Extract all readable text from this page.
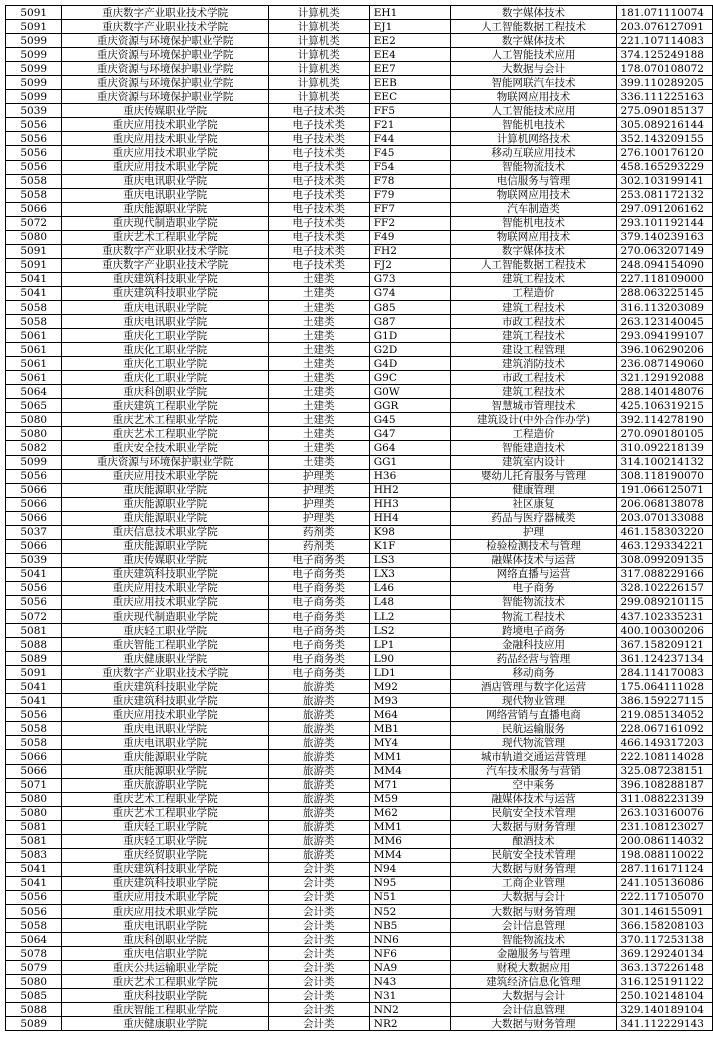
5091	重庆数字产业职业技术学院	计算机类	EH1	数字媒体技术	181.071110074
5091	重庆数字产业职业技术学院	计算机类	EJ1	人工智能数据工程技术	203.076127091
5099	重庆资源与环境保护职业学院	计算机类	EE2	数字媒体技术	221.107114083
5099	重庆资源与环境保护职业学院	计算机类	EE4	人工智能技术应用	374.125249188
5099	重庆资源与环境保护职业学院	计算机类	EE7	大数据与会计	178.070108072
5099	重庆资源与环境保护职业学院	计算机类	EEB	智能网联汽车技术	399.110289205
5099	重庆资源与环境保护职业学院	计算机类	EEC	物联网应用技术	336.111225163
5039	重庆传媒职业学院	电子技术类	FF5	人工智能技术应用	275.090185137
5056	重庆应用技术职业学院	电子技术类	F21	智能机电技术	305.089216144
5056	重庆应用技术职业学院	电子技术类	F44	计算机网络技术	352.143209155
5056	重庆应用技术职业学院	电子技术类	F45	移动互联应用技术	276.100176120
5056	重庆应用技术职业学院	电子技术类	F54	智能物流技术	458.165293229
5058	重庆电讯职业学院	电子技术类	F78	电信服务与管理	302.103199141
5058	重庆电讯职业学院	电子技术类	F79	物联网应用技术	253.081172132
5066	重庆能源职业学院	电子技术类	FF7	汽车制造类	297.091206162
5072	重庆现代制造职业学院	电子技术类	FF2	智能机电技术	293.101192144
5080	重庆艺术工程职业学院	电子技术类	F49	物联网应用技术	379.140239163
5091	重庆数字产业职业技术学院	电子技术类	FH2	数字媒体技术	270.063207149
5091	重庆数字产业职业技术学院	电子技术类	FJ2	人工智能数据工程技术	248.094154090
5041	重庆建筑科技职业学院	土建类	G73	建筑工程技术	227.118109000
5041	重庆建筑科技职业学院	土建类	G74	工程造价	288.063225145
5058	重庆电讯职业学院	土建类	G85	建筑工程技术	316.113203089
5058	重庆电讯职业学院	土建类	G87	市政工程技术	263.123140045
5061	重庆化工职业学院	土建类	G1D	建筑工程技术	293.094199107
5061	重庆化工职业学院	土建类	G2D	建设工程管理	396.106290206
5061	重庆化工职业学院	土建类	G4D	建筑消防技术	236.087149060
5061	重庆化工职业学院	土建类	G9C	市政工程技术	321.129192088
5064	重庆科创职业学院	土建类	G0W	建筑工程技术	288.140148076
5065	重庆建筑工程职业学院	土建类	GGR	智慧城市管理技术	425.106319215
5080	重庆艺术工程职业学院	土建类	G45	建筑设计(中外合作办学)	392.114278190
5080	重庆艺术工程职业学院	土建类	G47	工程造价	270.090180105
5082	重庆安全技术职业学院	土建类	G64	智能建造技术	310.092218139
5099	重庆资源与环境保护职业学院	土建类	GG1	建筑室内设计	314.100214132
5056	重庆应用技术职业学院	护理类	H36	婴幼儿托育服务与管理	308.118190070
5066	重庆能源职业学院	护理类	HH2	健康管理	191.066125071
5066	重庆能源职业学院	护理类	HH3	社区康复	206.068138078
5066	重庆能源职业学院	护理类	HH4	药品与医疗器械类	203.070133088
5037	重庆信息技术职业学院	药剂类	K98	护理	461.158303220
5066	重庆能源职业学院	药剂类	K1F	检验检测技术与管理	463.129334221
5039	重庆传媒职业学院	电子商务类	LS3	融媒体技术与运营	308.099209135
5041	重庆建筑科技职业学院	电子商务类	LX3	网络直播与运营	317.088229166
5056	重庆应用技术职业学院	电子商务类	L46	电子商务	328.102226157
5056	重庆应用技术职业学院	电子商务类	L48	智能物流技术	299.089210115
5072	重庆现代制造职业学院	电子商务类	LL2	物流工程技术	437.102335231
5081	重庆轻工职业学院	电子商务类	LS2	跨境电子商务	400.100300206
5088	重庆智能工程职业学院	电子商务类	LP1	金融科技应用	367.158209121
5089	重庆健康职业学院	电子商务类	L90	药品经营与管理	361.124237134
5091	重庆数字产业职业技术学院	电子商务类	LD1	移动商务	284.114170083
5041	重庆建筑科技职业学院	旅游类	M92	酒店管理与数字化运营	175.064111028
5041	重庆建筑科技职业学院	旅游类	M93	现代物业管理	386.159227115
5056	重庆应用技术职业学院	旅游类	M64	网络营销与直播电商	219.085134052
5058	重庆电讯职业学院	旅游类	MB1	民航运输服务	228.067161092
5058	重庆电讯职业学院	旅游类	MY4	现代物流管理	466.149317203
5066	重庆能源职业学院	旅游类	MM1	城市轨道交通运营管理	222.108114028
5066	重庆能源职业学院	旅游类	MM4	汽车技术服务与营销	325.087238151
5071	重庆旅游职业学院	旅游类	M71	空中乘务	396.108288187
5080	重庆艺术工程职业学院	旅游类	M59	融媒体技术与运营	311.088223139
5080	重庆艺术工程职业学院	旅游类	M62	民航安全技术管理	263.103160076
5081	重庆轻工职业学院	旅游类	MM1	大数据与财务管理	231.108123027
5081	重庆轻工职业学院	旅游类	MM6	酿酒技术	200.086114032
5083	重庆经贸职业学院	旅游类	MM4	民航安全技术管理	198.088110022
5041	重庆建筑科技职业学院	会计类	N94	大数据与财务管理	287.116171124
5041	重庆建筑科技职业学院	会计类	N95	工商企业管理	241.105136086
5056	重庆应用技术职业学院	会计类	N51	大数据与会计	222.117105070
5056	重庆应用技术职业学院	会计类	N52	大数据与财务管理	301.146155091
5058	重庆电讯职业学院	会计类	NB5	会计信息管理	366.158208103
5064	重庆科创职业学院	会计类	NN6	智能物流技术	370.117253138
5078	重庆电信职业学院	会计类	NF6	金融服务与管理	369.129240134
5079	重庆公共运输职业学院	会计类	NA9	财税大数据应用	363.137226148
5080	重庆艺术工程职业学院	会计类	N43	建筑经济信息化管理	316.125191122
5085	重庆科技职业学院	会计类	N31	大数据与会计	250.102148104
5088	重庆智能工程职业学院	会计类	NN2	会计信息管理	329.140189104
5089	重庆健康职业学院	会计类	NR2	大数据与财务管理	341.112229143
